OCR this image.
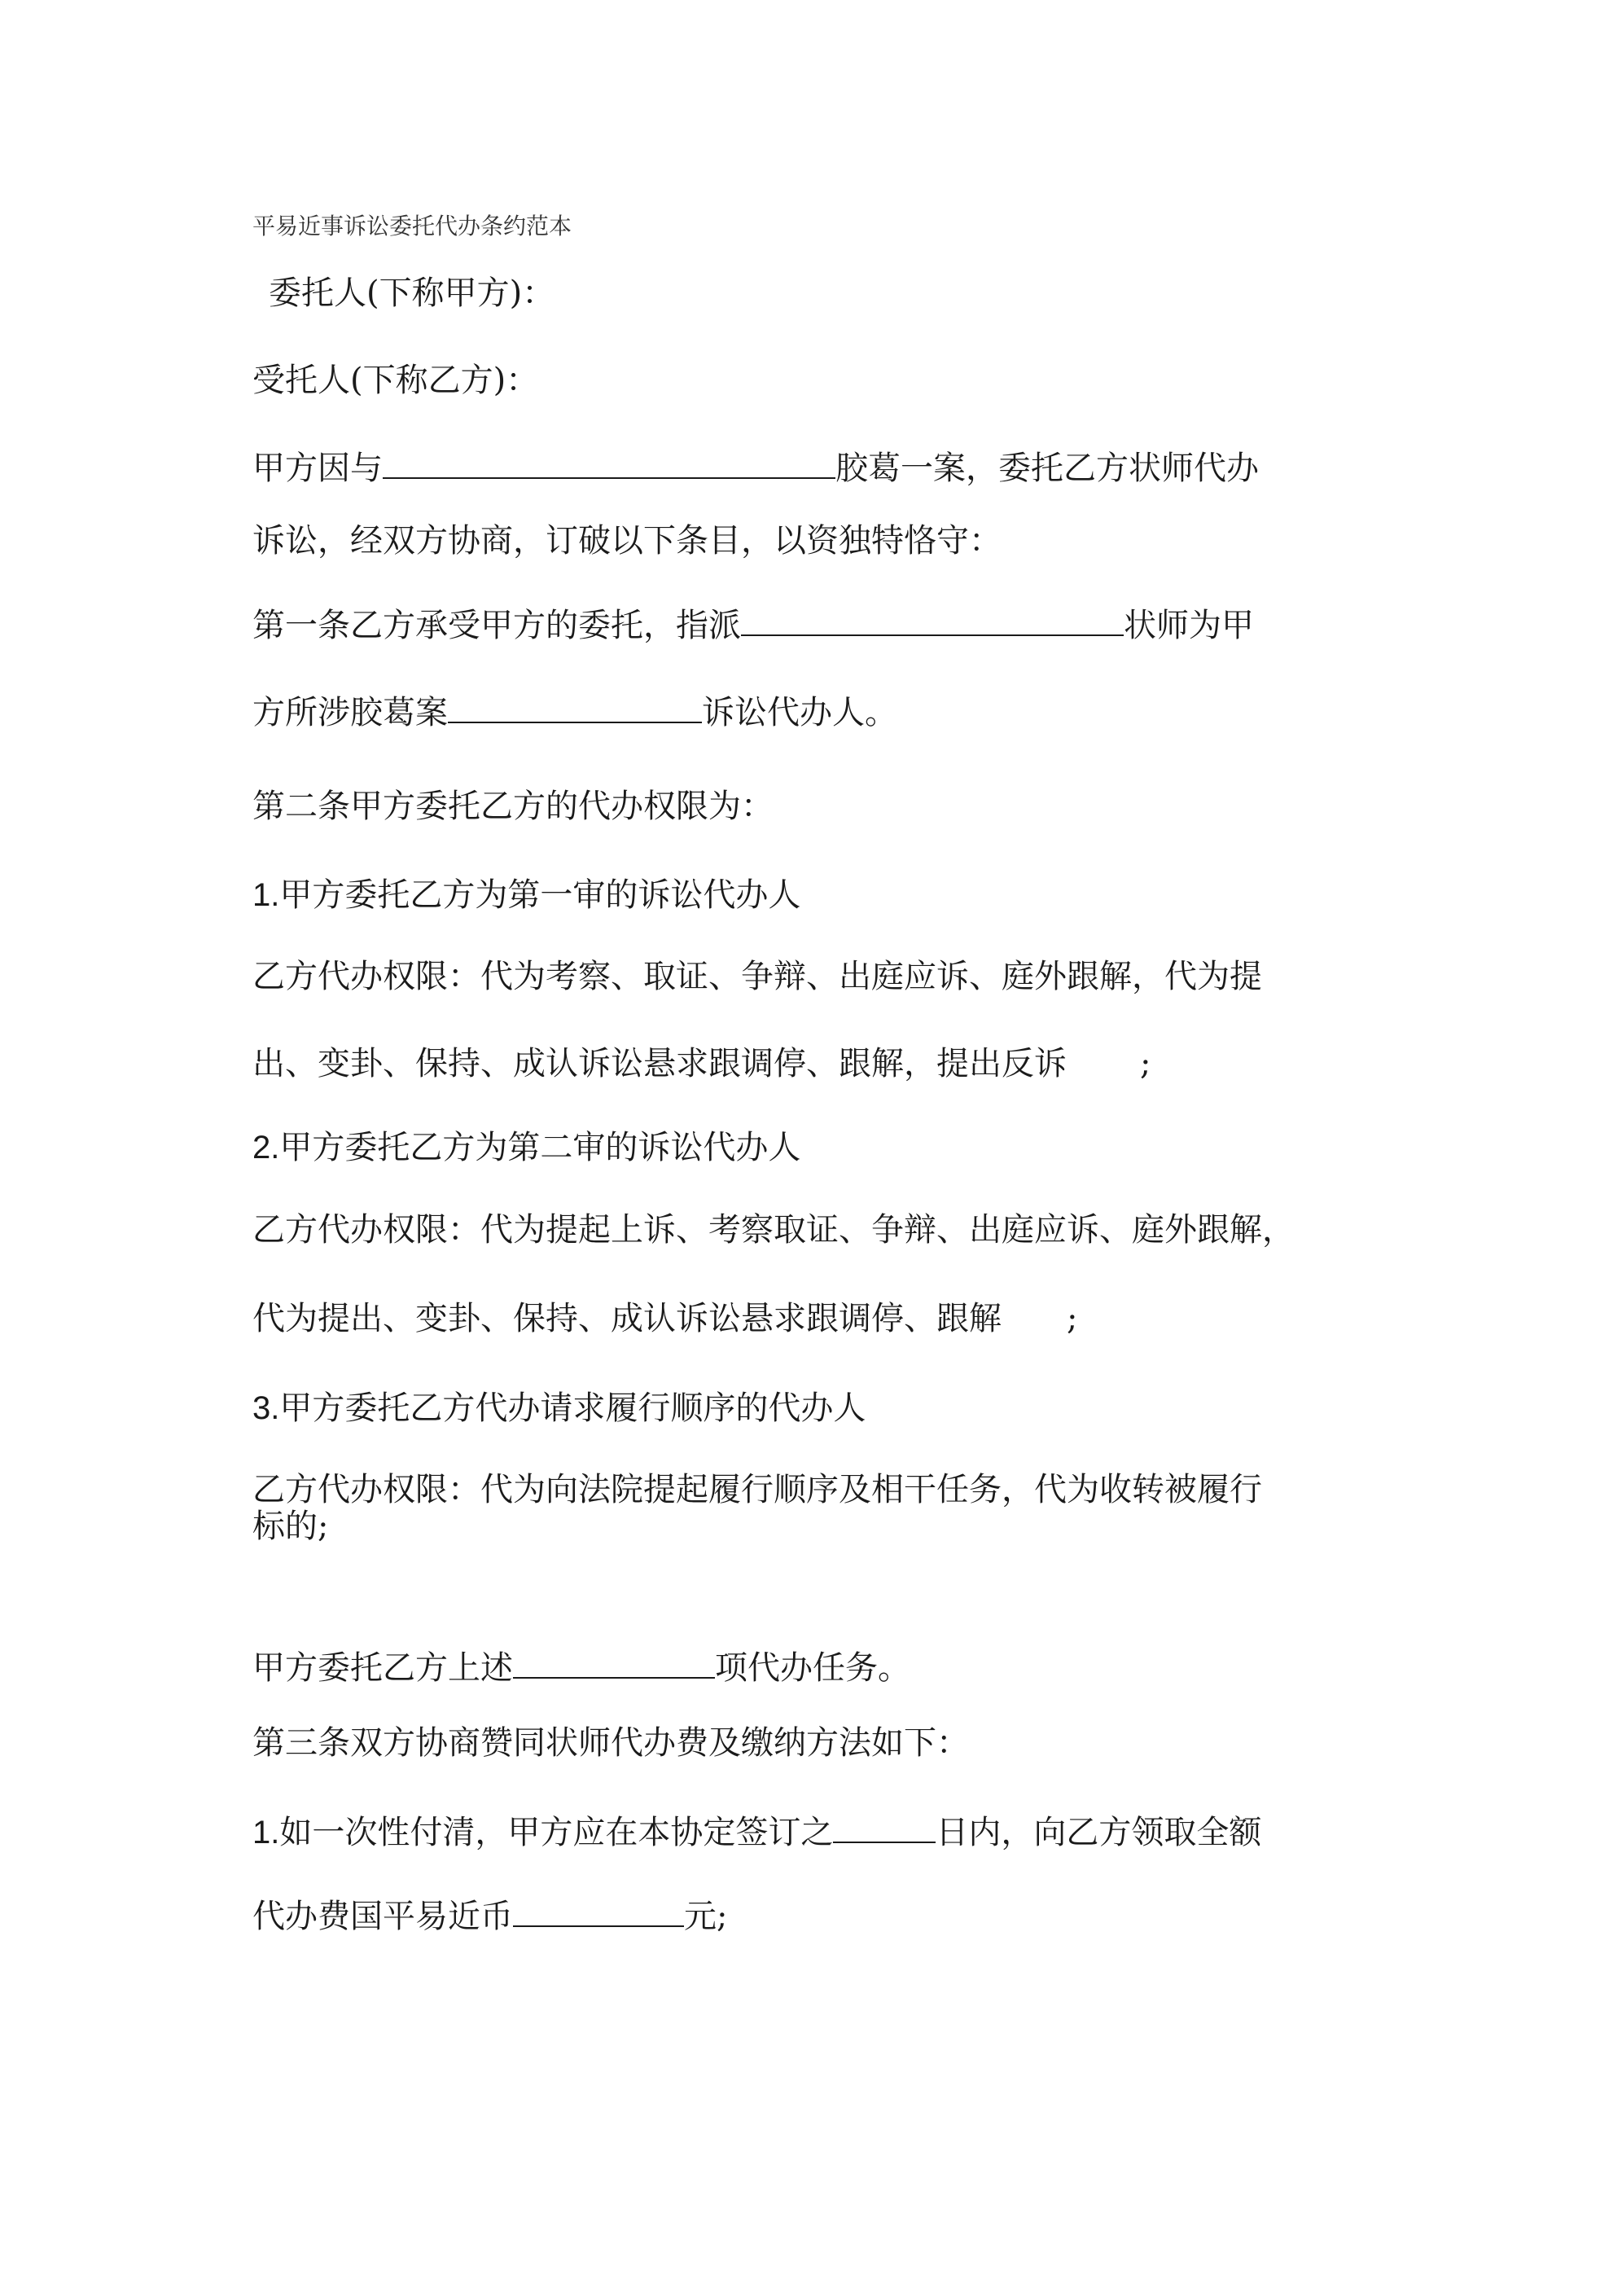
平易近事诉讼委托代办条约范本
委托人(下称甲方)：
受托人(下称乙方)：
甲方因与	胶葛一案，委托乙方状师代办
诉讼，经双方协商，订破以下条目，以资独特恪守：
第一条乙方承受甲方的委托，指派	状师为甲
方所涉胶葛案	诉讼代办人。
第二条甲方委托乙方的代办权限为：
1.甲方委托乙方为第一审的诉讼代办人
乙方代办权限：代为考察、取证、争辩、出庭应诉、庭外跟解，代为提
出、变卦、保持、成认诉讼悬求跟调停、跟解，提出反诉 ;
2.甲方委托乙方为第二审的诉讼代办人
乙方代办权限：代为提起上诉、考察取证、争辩、出庭应诉、庭外跟解，
代为提出、变卦、保持、成认诉讼悬求跟调停、跟解 ;
3.甲方委托乙方代办请求履行顺序的代办人
乙方代办权限：代为向法院提起履行顺序及相干任务，代为收转被履行
标的;
甲方委托乙方上述	项代办任务。
第三条双方协商赞同状师代办费及缴纳方法如下：
1.如一次性付清，甲方应在本协定签订之	日内，向乙方领取全额
代办费国平易近币	元;
